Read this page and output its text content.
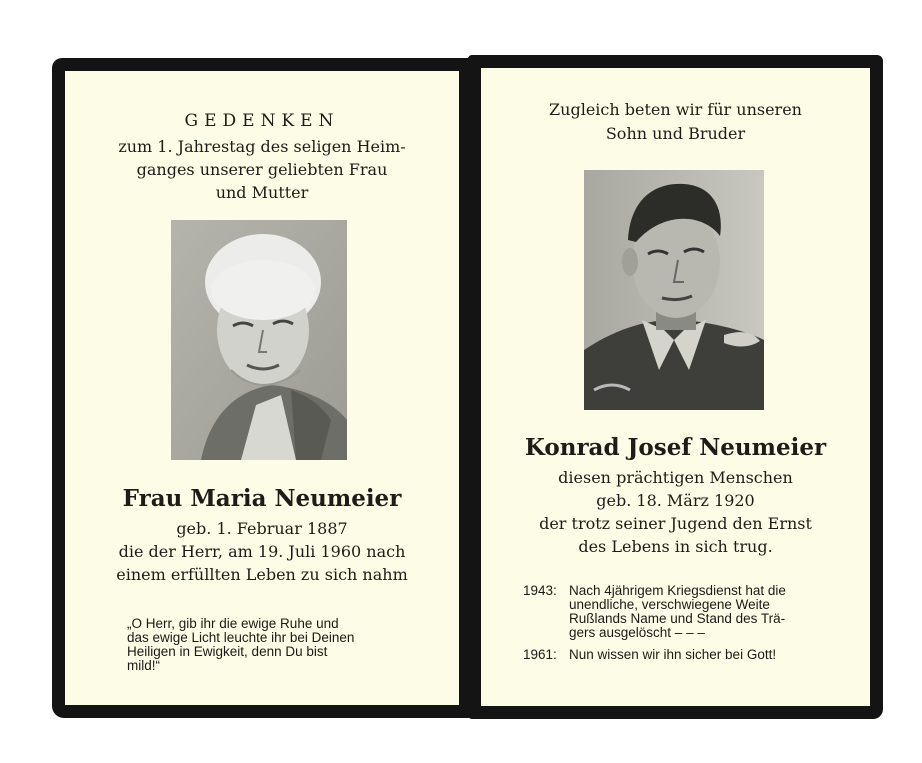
GEDENKEN
zum 1. Jahrestag des seligen Heim-
ganges unserer geliebten Frau
und Mutter
Frau Maria Neumeier
geb. 1. Februar 1887
die der Herr, am 19. Juli 1960 nach
einem erfüllten Leben zu sich nahm
„O Herr, gib ihr die ewige Ruhe und
das ewige Licht leuchte ihr bei Deinen
Heiligen in Ewigkeit, denn Du bist
mild!“
Zugleich beten wir für unseren
Sohn und Bruder
Konrad Josef Neumeier
diesen prächtigen Menschen
geb. 18. März 1920
der trotz seiner Jugend den Ernst
des Lebens in sich trug.
1943: Nach 4jährigem Kriegsdienst hat die
unendliche, verschwiegene Weite
Rußlands Name und Stand des Trä-
gers ausgelöscht – – –
1961: Nun wissen wir ihn sicher bei Gott!
